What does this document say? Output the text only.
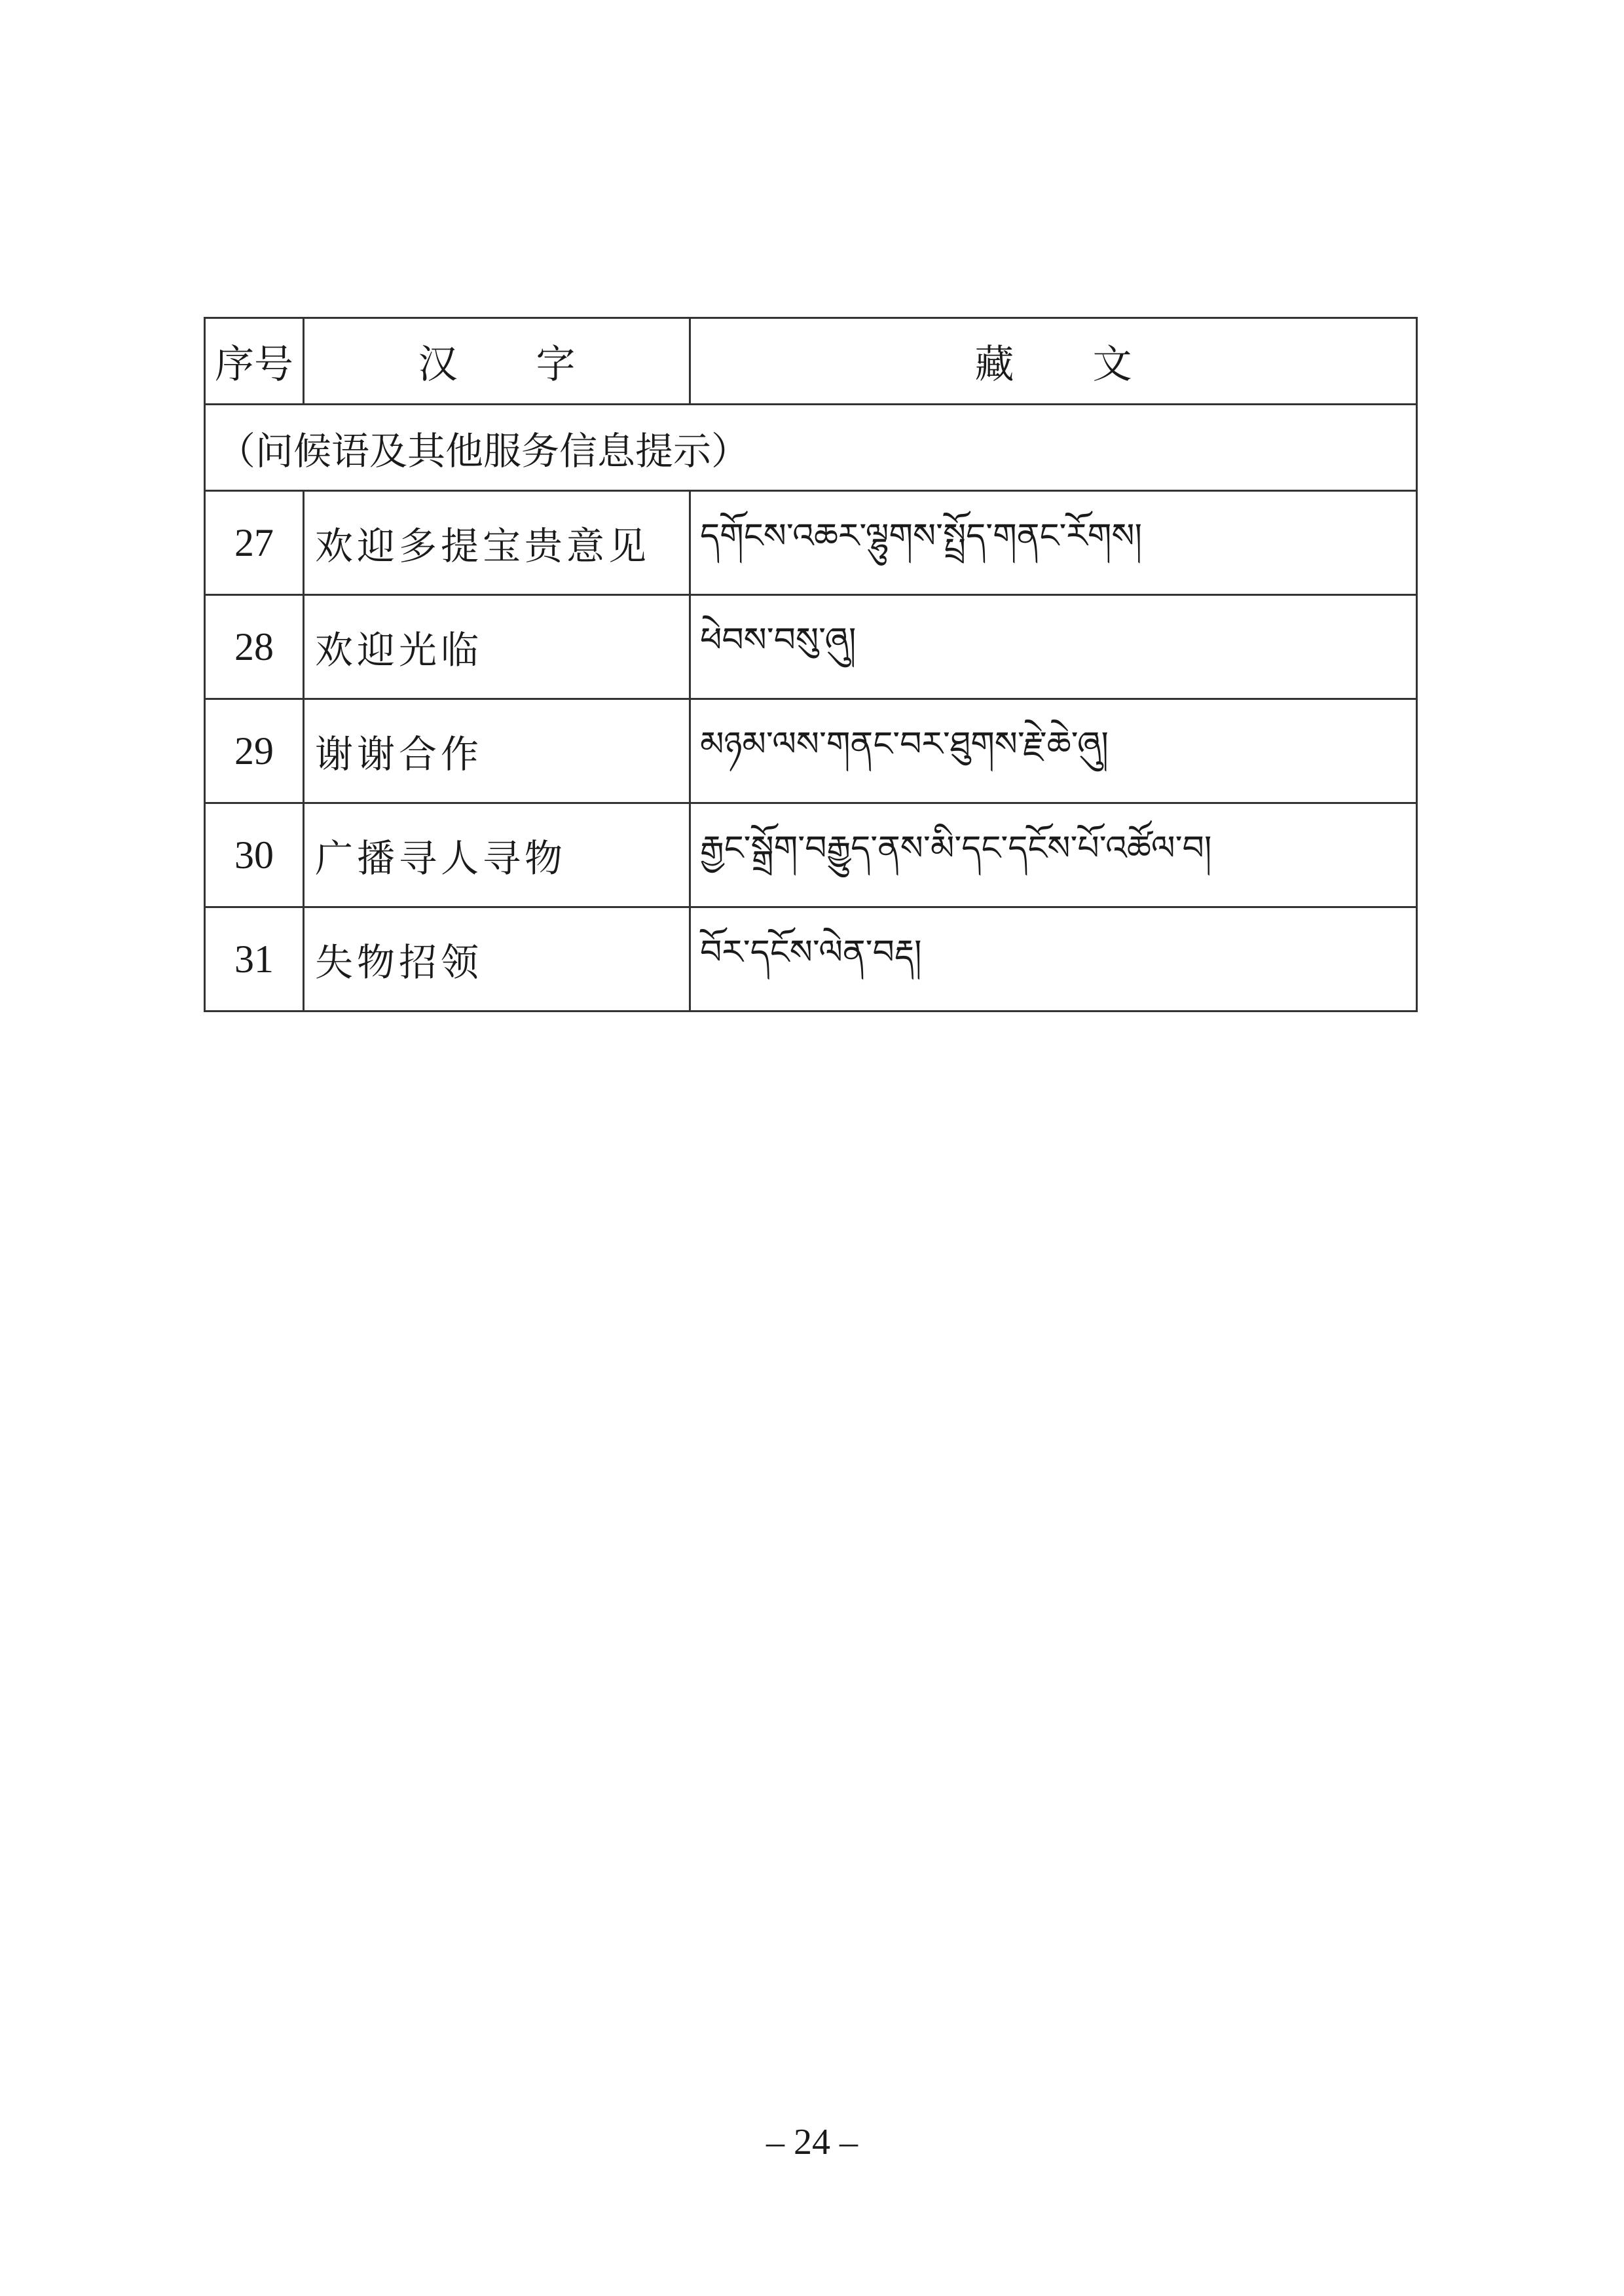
序号	汉　　字	藏　　文
（问候语及其他服务信息提示）		
27	欢迎多提宝贵意见	དགོངས་འཆར་ལྷུགས་སྤྲོད་གནང་རོགས།
28	欢迎光临	ཕེབས་བསུ་ཞུ།
29	谢谢合作	མཉམ་ལས་གནང་བར་ཐུགས་རྗེ་ཆེ་ཞུ།
30	广播寻人寻物	རྒྱང་སྒྲོག་བརྒྱུད་ནས་མི་དང་དངོས་པོ་འཚོལ་བ།
31	失物招领	བོར་དངོས་ལེན་བརྡ།
– 24 –
